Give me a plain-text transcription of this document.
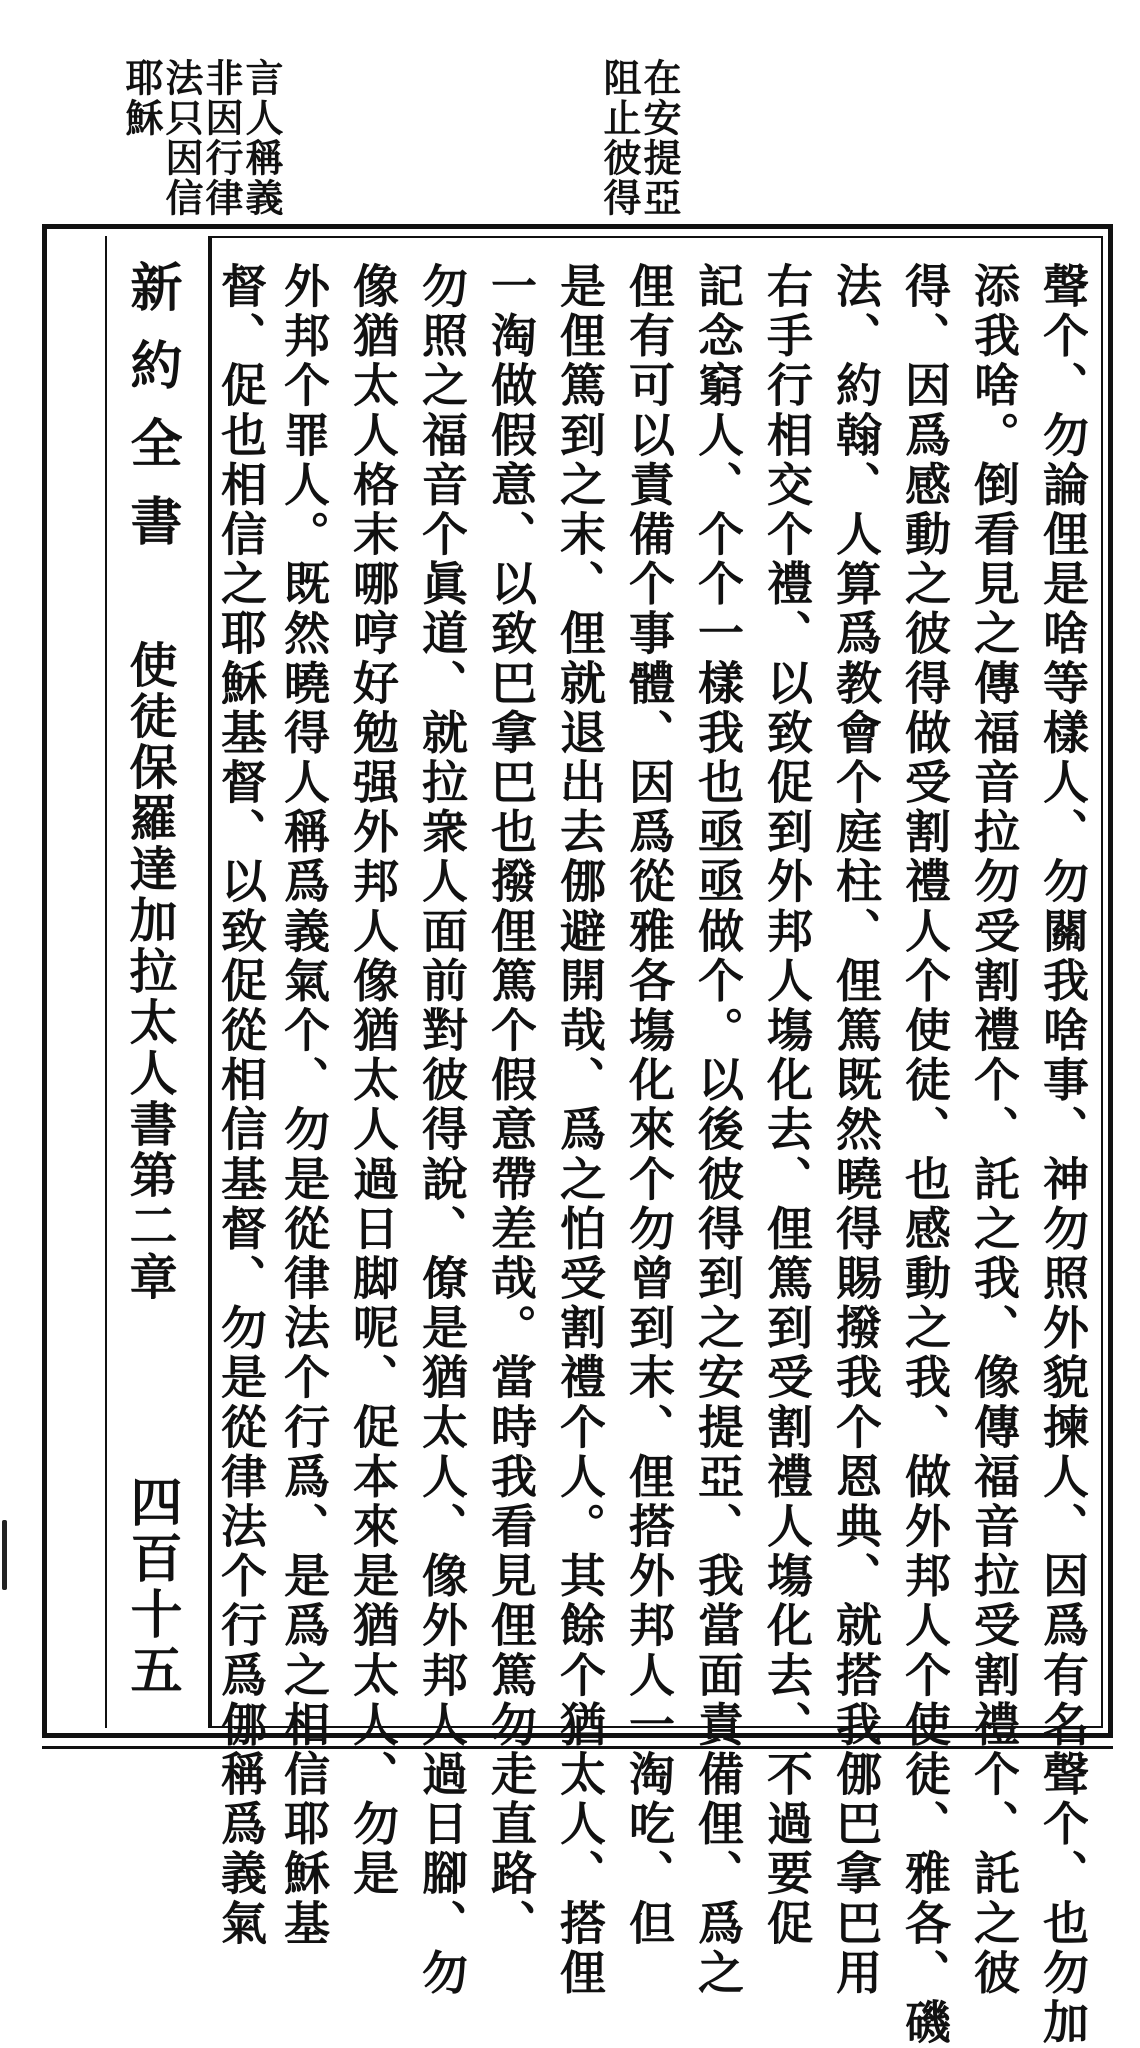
在安提亞
阻止彼得
言人稱義
非因行律
法只因信
耶穌
新約全書
使徒保羅達加拉太人書第二章
四百十五	聲个、勿論俚是啥等樣人、勿關我啥事、神勿照外貌揀人、因爲有名聲个、也勿加
添我啥。倒看見之傳福音拉勿受割禮个、託之我、像傳福音拉受割禮个、託之彼
得、因爲感動之彼得做受割禮人个使徒、也感動之我、做外邦人个使徒、雅各、磯
法、約翰、人算爲教會个庭柱、俚篤既然曉得賜撥我个恩典、就搭我㑚巴拿巴用
右手行相交个禮、以致促到外邦人塲化去、俚篤到受割禮人塲化去、不過要促
記念窮人、个个一樣我也亟亟做个。以後彼得到之安提亞、我當面責備俚、爲之
俚有可以責備个事體、因爲從雅各塲化來个勿曾到末、俚搭外邦人一淘吃、但
是俚篤到之末、俚就退出去㑚避開哉、爲之怕受割禮个人。其餘个猶太人、搭俚
一淘做假意、以致巴拿巴也撥俚篤个假意帶差哉。當時我看見俚篤勿走直路、
勿照之福音个眞道、就拉衆人面前對彼得說、僚是猶太人、像外邦人過日腳、勿
像猶太人格末哪哼好勉强外邦人像猶太人過日脚呢、促本來是猶太人、勿是
外邦个罪人。既然曉得人稱爲義氣个、勿是從律法个行爲、是爲之相信耶穌基
督、促也相信之耶穌基督、以致促從相信基督、勿是從律法个行爲㑚稱爲義氣
